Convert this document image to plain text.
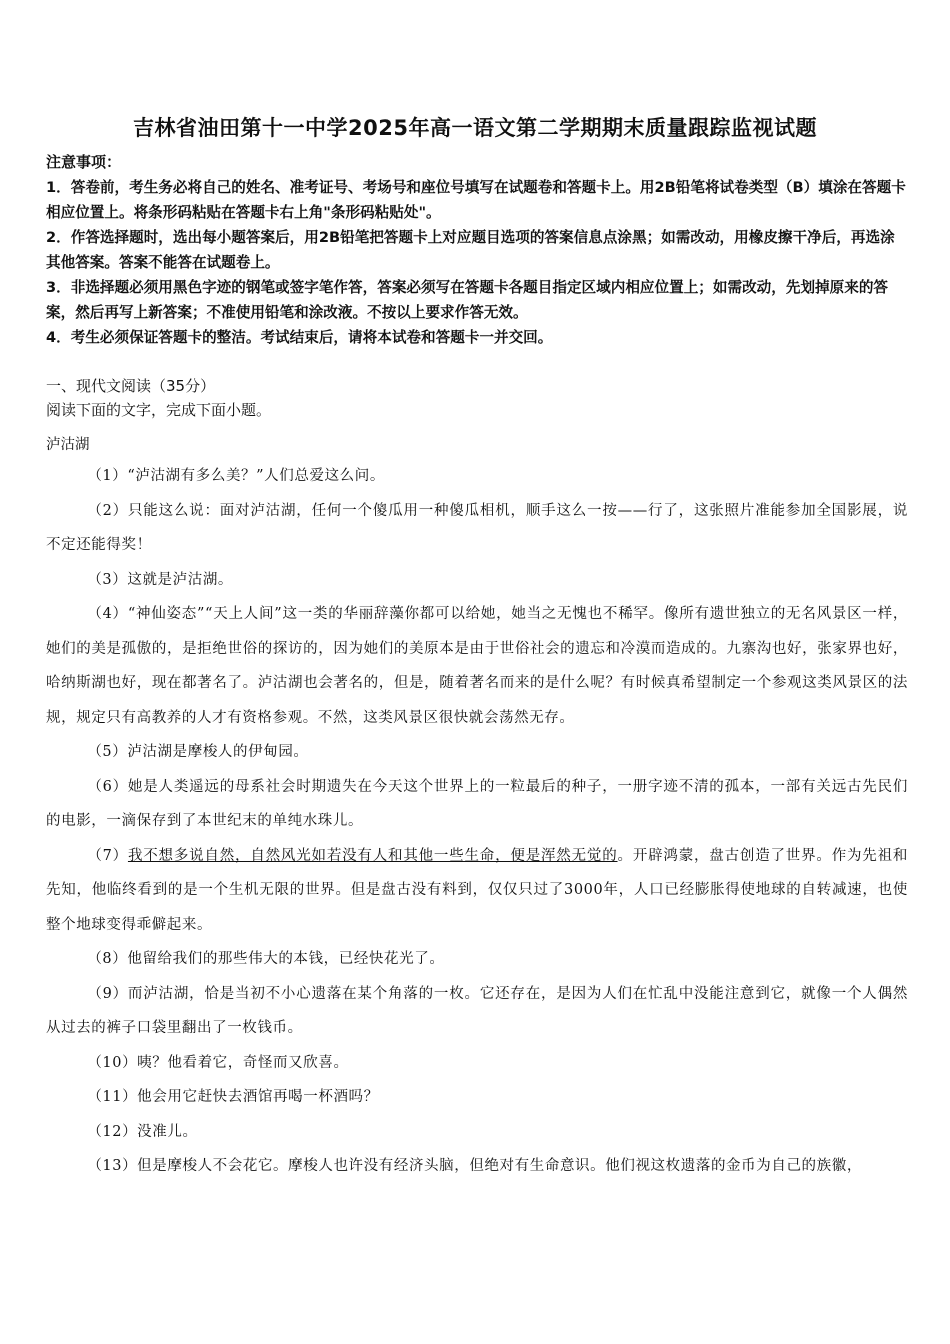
吉林省油田第十一中学2025年高一语文第二学期期末质量跟踪监视试题
注意事项：
1．答卷前，考生务必将自己的姓名、准考证号、考场号和座位号填写在试题卷和答题卡上。用2B铅笔将试卷类型（B）填涂在答题卡相应位置上。将条形码粘贴在答题卡右上角"条形码粘贴处"。
2．作答选择题时，选出每小题答案后，用2B铅笔把答题卡上对应题目选项的答案信息点涂黑；如需改动，用橡皮擦干净后，再选涂其他答案。答案不能答在试题卷上。
3．非选择题必须用黑色字迹的钢笔或签字笔作答，答案必须写在答题卡各题目指定区域内相应位置上；如需改动，先划掉原来的答案，然后再写上新答案；不准使用铅笔和涂改液。不按以上要求作答无效。
4．考生必须保证答题卡的整洁。考试结束后，请将本试卷和答题卡一并交回。
一、现代文阅读（35分）
阅读下面的文字，完成下面小题。
泸沽湖

（1）“泸沽湖有多么美？”人们总爱这么问。

（2）只能这么说：面对泸沽湖，任何一个傻瓜用一种傻瓜相机，顺手这么一按——行了，这张照片准能参加全国影展，说不定还能得奖！

（3）这就是泸沽湖。

（4）“神仙姿态”“天上人间”这一类的华丽辞藻你都可以给她，她当之无愧也不稀罕。像所有遗世独立的无名风景区一样，她们的美是孤傲的，是拒绝世俗的探访的，因为她们的美原本是由于世俗社会的遗忘和冷漠而造成的。九寨沟也好，张家界也好，哈纳斯湖也好，现在都著名了。泸沽湖也会著名的，但是，随着著名而来的是什么呢？有时候真希望制定一个参观这类风景区的法规，规定只有高教养的人才有资格参观。不然，这类风景区很快就会荡然无存。

（5）泸沽湖是摩梭人的伊甸园。

（6）她是人类遥远的母系社会时期遗失在今天这个世界上的一粒最后的种子，一册字迹不清的孤本，一部有关远古先民们的电影，一滴保存到了本世纪末的单纯水珠儿。

（7）我不想多说自然，自然风光如若没有人和其他一些生命，便是浑然无觉的。开辟鸿蒙，盘古创造了世界。作为先祖和先知，他临终看到的是一个生机无限的世界。但是盘古没有料到，仅仅只过了3000年，人口已经膨胀得使地球的自转减速，也使整个地球变得乖僻起来。

（8）他留给我们的那些伟大的本钱，已经快花光了。

（9）而泸沽湖，恰是当初不小心遗落在某个角落的一枚。它还存在，是因为人们在忙乱中没能注意到它，就像一个人偶然从过去的裤子口袋里翻出了一枚钱币。

（10）咦？他看着它，奇怪而又欣喜。

（11）他会用它赶快去酒馆再喝一杯酒吗？

（12）没准儿。

（13）但是摩梭人不会花它。摩梭人也许没有经济头脑，但绝对有生命意识。他们视这枚遗落的金币为自己的族徽，
